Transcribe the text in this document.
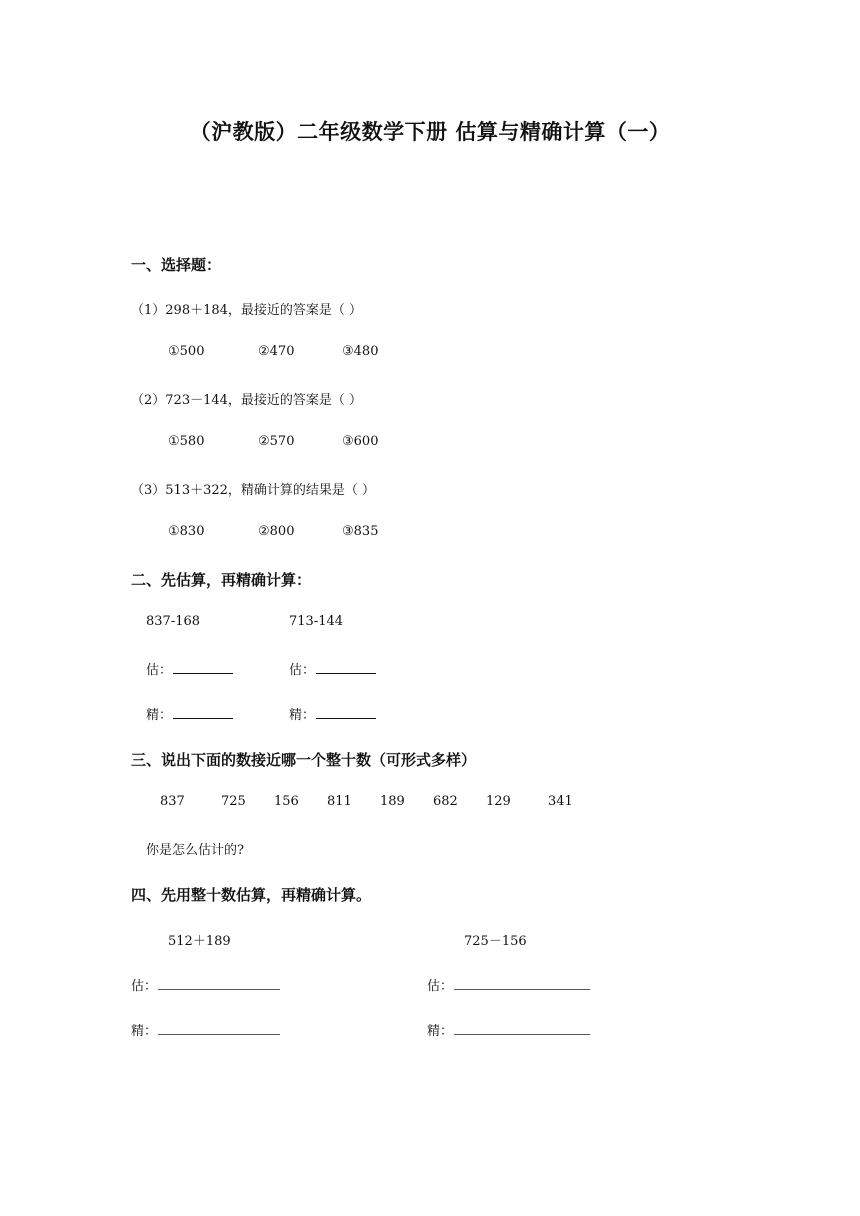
（沪教版）二年级数学下册 估算与精确计算（一）
一、选择题：
（1）298＋184，最接近的答案是（ ）
①500	②470	③480
（2）723－144，最接近的答案是（ ）
①580	②570	③600
（3）513＋322，精确计算的结果是（ ）
①830	②800	③835
二、先估算，再精确计算：
837-168	713-144
估：	估：
精：	精：
三、说出下面的数接近哪一个整十数（可形式多样）
837	725 156 811 189 682 129	341
你是怎么估计的?
四、先用整十数估算，再精确计算。
512＋189	725－156
估：	估：
精：	精：
